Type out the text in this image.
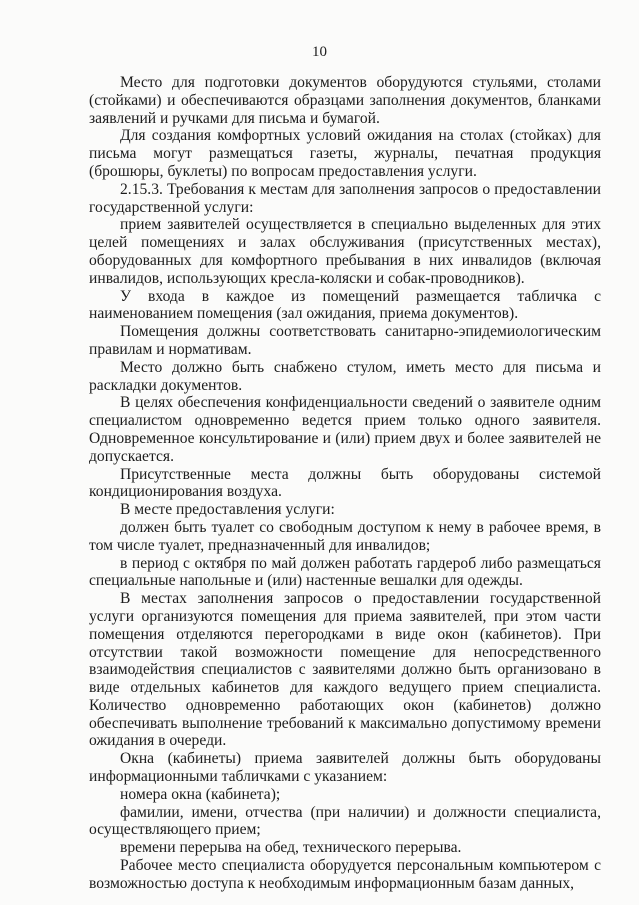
10

Место для подготовки документов оборудуются стульями, столами (стойками) и обеспечиваются образцами заполнения документов, бланками заявлений и ручками для письма и бумагой.

Для создания комфортных условий ожидания на столах (стойках) для письма могут размещаться газеты, журналы, печатная продукция (брошюры, буклеты) по вопросам предоставления услуги.

2.15.3. Требования к местам для заполнения запросов о предоставлении государственной услуги:

прием заявителей осуществляется в специально выделенных для этих целей помещениях и залах обслуживания (присутственных местах), оборудованных для комфортного пребывания в них инвалидов (включая инвалидов, использующих кресла-коляски и собак-проводников).

У входа в каждое из помещений размещается табличка с наименованием помещения (зал ожидания, приема документов).

Помещения должны соответствовать санитарно-эпидемиологическим правилам и нормативам.

Место должно быть снабжено стулом, иметь место для письма и раскладки документов.

В целях обеспечения конфиденциальности сведений о заявителе одним специалистом одновременно ведется прием только одного заявителя. Одновременное консультирование и (или) прием двух и более заявителей не допускается.

Присутственные места должны быть оборудованы системой кондиционирования воздуха.

В месте предоставления услуги:

должен быть туалет со свободным доступом к нему в рабочее время, в том числе туалет, предназначенный для инвалидов;

в период с октября по май должен работать гардероб либо размещаться специальные напольные и (или) настенные вешалки для одежды.

В местах заполнения запросов о предоставлении государственной услуги организуются помещения для приема заявителей, при этом части помещения отделяются перегородками в виде окон (кабинетов). При отсутствии такой возможности помещение для непосредственного взаимодействия специалистов с заявителями должно быть организовано в виде отдельных кабинетов для каждого ведущего прием специалиста. Количество одновременно работающих окон (кабинетов) должно обеспечивать выполнение требований к максимально допустимому времени ожидания в очереди.

Окна (кабинеты) приема заявителей должны быть оборудованы информационными табличками с указанием:

номера окна (кабинета);

фамилии, имени, отчества (при наличии) и должности специалиста, осуществляющего прием;

времени перерыва на обед, технического перерыва.

Рабочее место специалиста оборудуется персональным компьютером с возможностью доступа к необходимым информационным базам данных,
